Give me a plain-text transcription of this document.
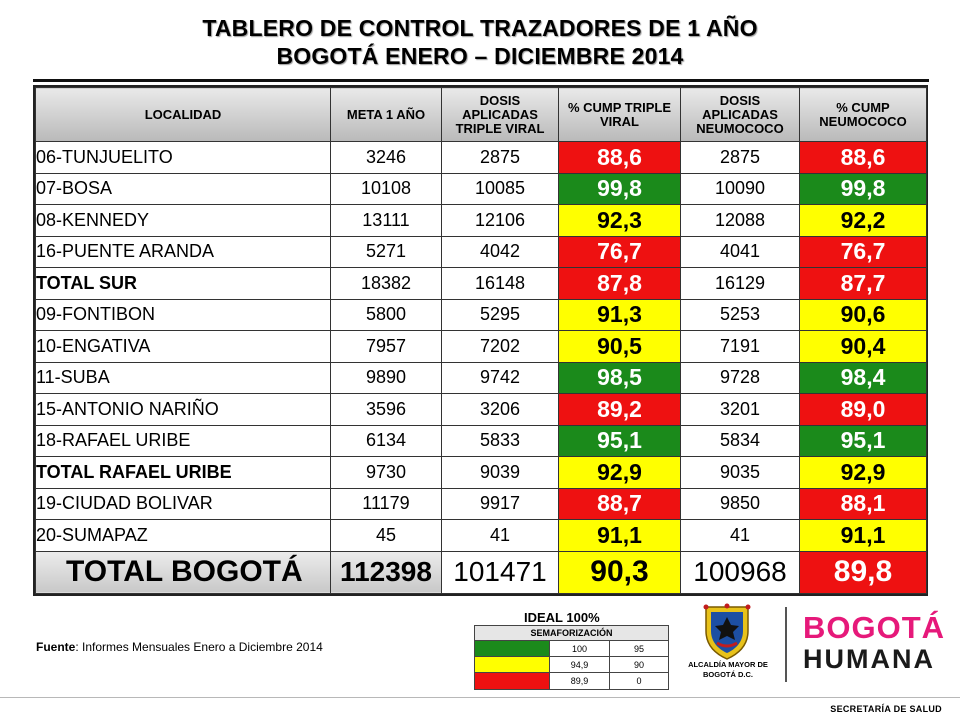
TABLERO DE CONTROL TRAZADORES DE 1 AÑO
BOGOTÁ ENERO – DICIEMBRE 2014
LOCALIDAD	META 1 AÑO	DOSIS APLICADAS TRIPLE VIRAL	% CUMP TRIPLE VIRAL	DOSIS APLICADAS NEUMOCOCO	% CUMP NEUMOCOCO
06-TUNJUELITO	3246	2875	88,6	2875	88,6
07-BOSA	10108	10085	99,8	10090	99,8
08-KENNEDY	13111	12106	92,3	12088	92,2
16-PUENTE ARANDA	5271	4042	76,7	4041	76,7
TOTAL SUR	18382	16148	87,8	16129	87,7
09-FONTIBON	5800	5295	91,3	5253	90,6
10-ENGATIVA	7957	7202	90,5	7191	90,4
11-SUBA	9890	9742	98,5	9728	98,4
15-ANTONIO NARIÑO	3596	3206	89,2	3201	89,0
18-RAFAEL URIBE	6134	5833	95,1	5834	95,1
TOTAL RAFAEL URIBE	9730	9039	92,9	9035	92,9
19-CIUDAD BOLIVAR	11179	9917	88,7	9850	88,1
20-SUMAPAZ	45	41	91,1	41	91,1
TOTAL BOGOTÁ	112398	101471	90,3	100968	89,8
Fuente: Informes Mensuales Enero a Diciembre 2014
IDEAL 100%
SEMAFORIZACIÓN
100	95
94,9	90
89,9	0
ALCALDÍA MAYOR DE BOGOTÁ D.C.
BOGOTÁ
HUMANA
SECRETARÍA DE SALUD
